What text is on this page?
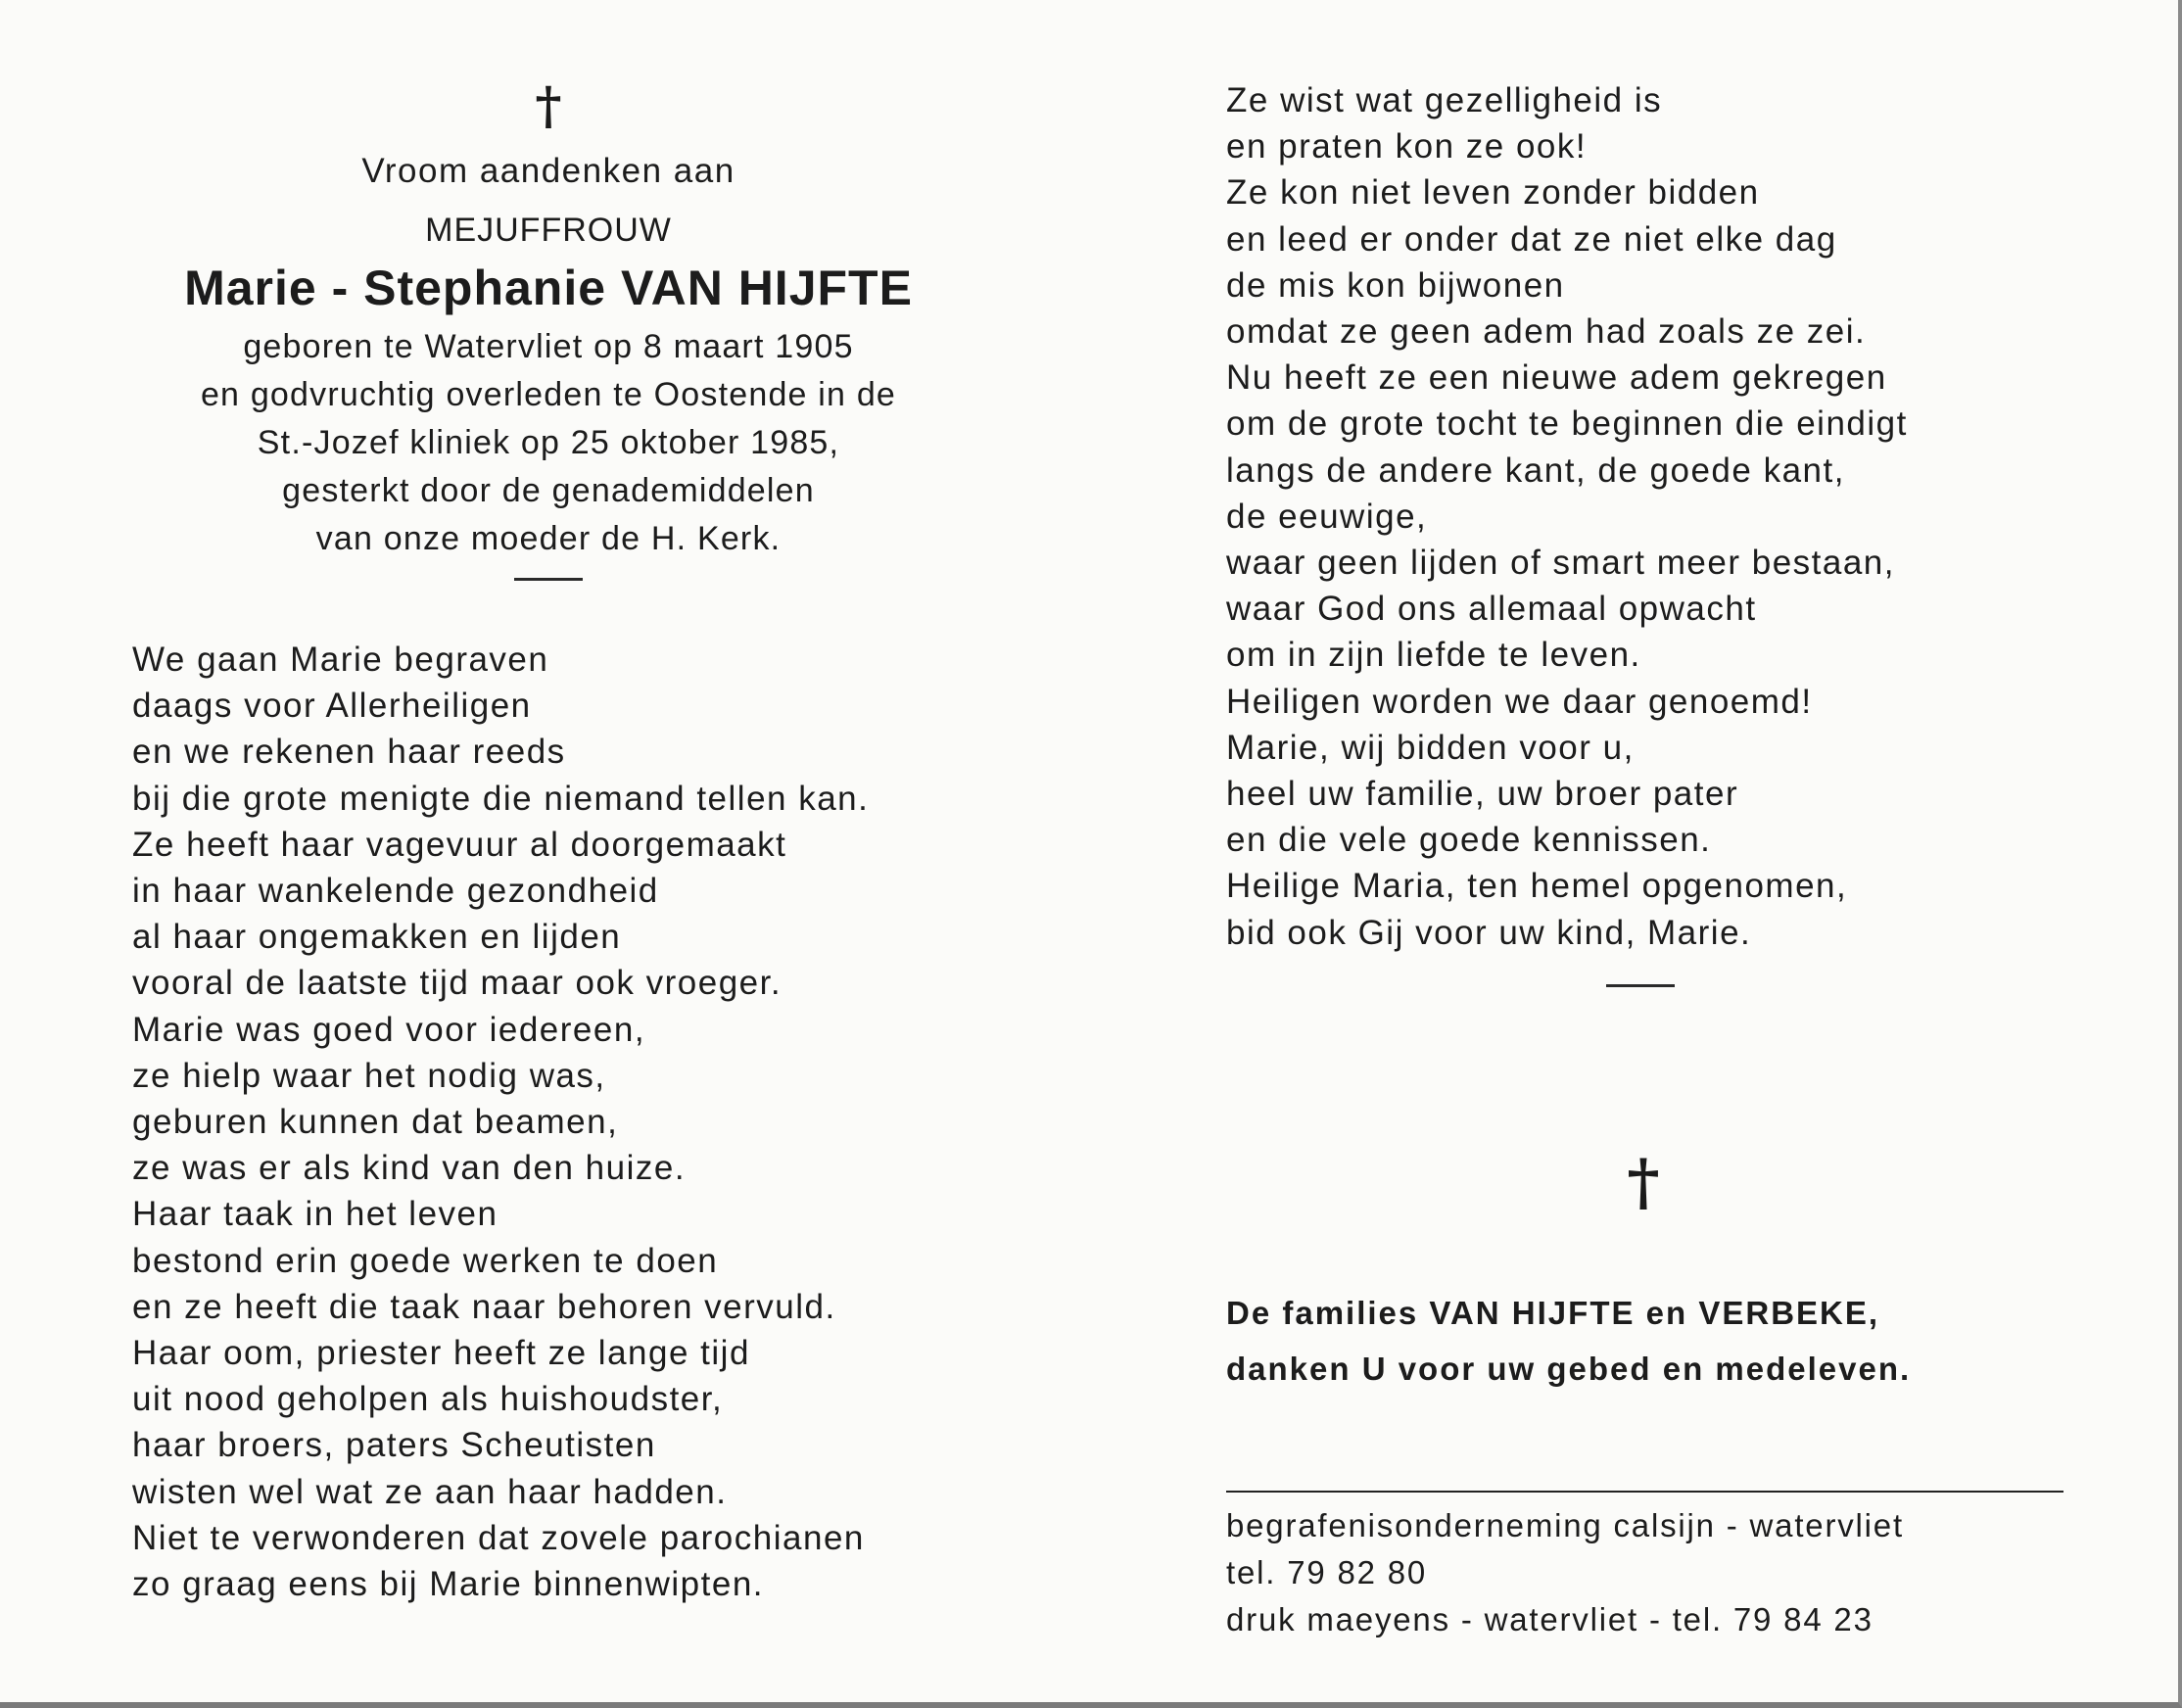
†
Vroom aandenken aan
MEJUFFROUW
Marie - Stephanie VAN HIJFTE
geboren te Watervliet op 8 maart 1905
en godvruchtig overleden te Oostende in de
St.-Jozef kliniek op 25 oktober 1985,
gesterkt door de genademiddelen
van onze moeder de H. Kerk.
We gaan Marie begraven
daags voor Allerheiligen
en we rekenen haar reeds
bij die grote menigte die niemand tellen kan.
Ze heeft haar vagevuur al doorgemaakt
in haar wankelende gezondheid
al haar ongemakken en lijden
vooral de laatste tijd maar ook vroeger.
Marie was goed voor iedereen,
ze hielp waar het nodig was,
geburen kunnen dat beamen,
ze was er als kind van den huize.
Haar taak in het leven
bestond erin goede werken te doen
en ze heeft die taak naar behoren vervuld.
Haar oom, priester heeft ze lange tijd
uit nood geholpen als huishoudster,
haar broers, paters Scheutisten
wisten wel wat ze aan haar hadden.
Niet te verwonderen dat zovele parochianen
zo graag eens bij Marie binnenwipten.
Ze wist wat gezelligheid is
en praten kon ze ook!
Ze kon niet leven zonder bidden
en leed er onder dat ze niet elke dag
de mis kon bijwonen
omdat ze geen adem had zoals ze zei.
Nu heeft ze een nieuwe adem gekregen
om de grote tocht te beginnen die eindigt
langs de andere kant, de goede kant,
de eeuwige,
waar geen lijden of smart meer bestaan,
waar God ons allemaal opwacht
om in zijn liefde te leven.
Heiligen worden we daar genoemd!
Marie, wij bidden voor u,
heel uw familie, uw broer pater
en die vele goede kennissen.
Heilige Maria, ten hemel opgenomen,
bid ook Gij voor uw kind, Marie.
†
De families VAN HIJFTE en VERBEKE,
danken U voor uw gebed en medeleven.
begrafenisonderneming calsijn - watervliet
tel. 79 82 80
druk maeyens - watervliet - tel. 79 84 23
